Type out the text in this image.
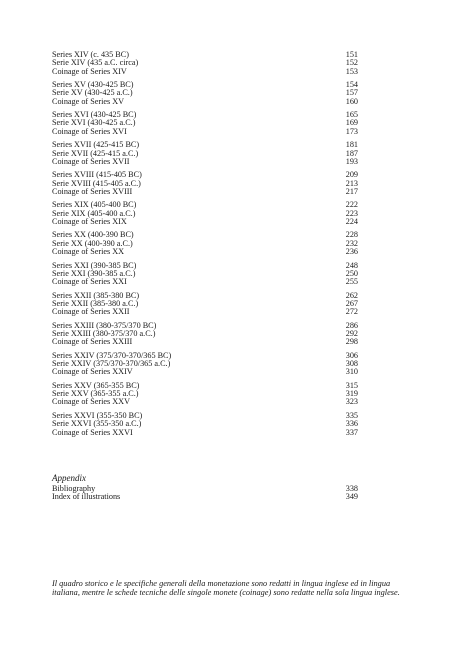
Series XIV (c. 435 BC)	151
Serie XIV (435 a.C. circa)	152
Coinage of Series XIV	153
Series XV (430-425 BC)	154
Serie XV (430-425 a.C.)	157
Coinage of Series XV	160
Series XVI (430-425 BC)	165
Serie XVI (430-425 a.C.)	169
Coinage of Series XVI	173
Series XVII (425-415 BC)	181
Serie XVII (425-415 a.C.)	187
Coinage of Series XVII	193
Series XVIII (415-405 BC)	209
Serie XVIII (415-405 a.C.)	213
Coinage of Series XVIII	217
Series XIX (405-400 BC)	222
Serie XIX (405-400 a.C.)	223
Coinage of Series XIX	224
Series XX (400-390 BC)	228
Serie XX (400-390 a.C.)	232
Coinage of Series XX	236
Series XXI (390-385 BC)	248
Serie XXI (390-385 a.C.)	250
Coinage of Series XXI	255
Series XXII (385-380 BC)	262
Serie XXII (385-380 a.C.)	267
Coinage of Series XXII	272
Series XXIII (380-375/370 BC)	286
Serie XXIII (380-375/370 a.C.)	292
Coinage of Series XXIII	298
Series XXIV (375/370-370/365 BC)	306
Serie XXIV (375/370-370/365 a.C.)	308
Coinage of Series XXIV	310
Series XXV (365-355 BC)	315
Serie XXV (365-355 a.C.)	319
Coinage of Series XXV	323
Series XXVI (355-350 BC)	335
Serie XXVI (355-350 a.C.)	336
Coinage of Series XXVI	337
Appendix
Bibliography	338
Index of illustrations	349
Il quadro storico e le specifiche generali della monetazione sono redatti in lingua inglese ed in lingua italiana, mentre le schede tecniche delle singole monete (coinage) sono redatte nella sola lingua inglese.
